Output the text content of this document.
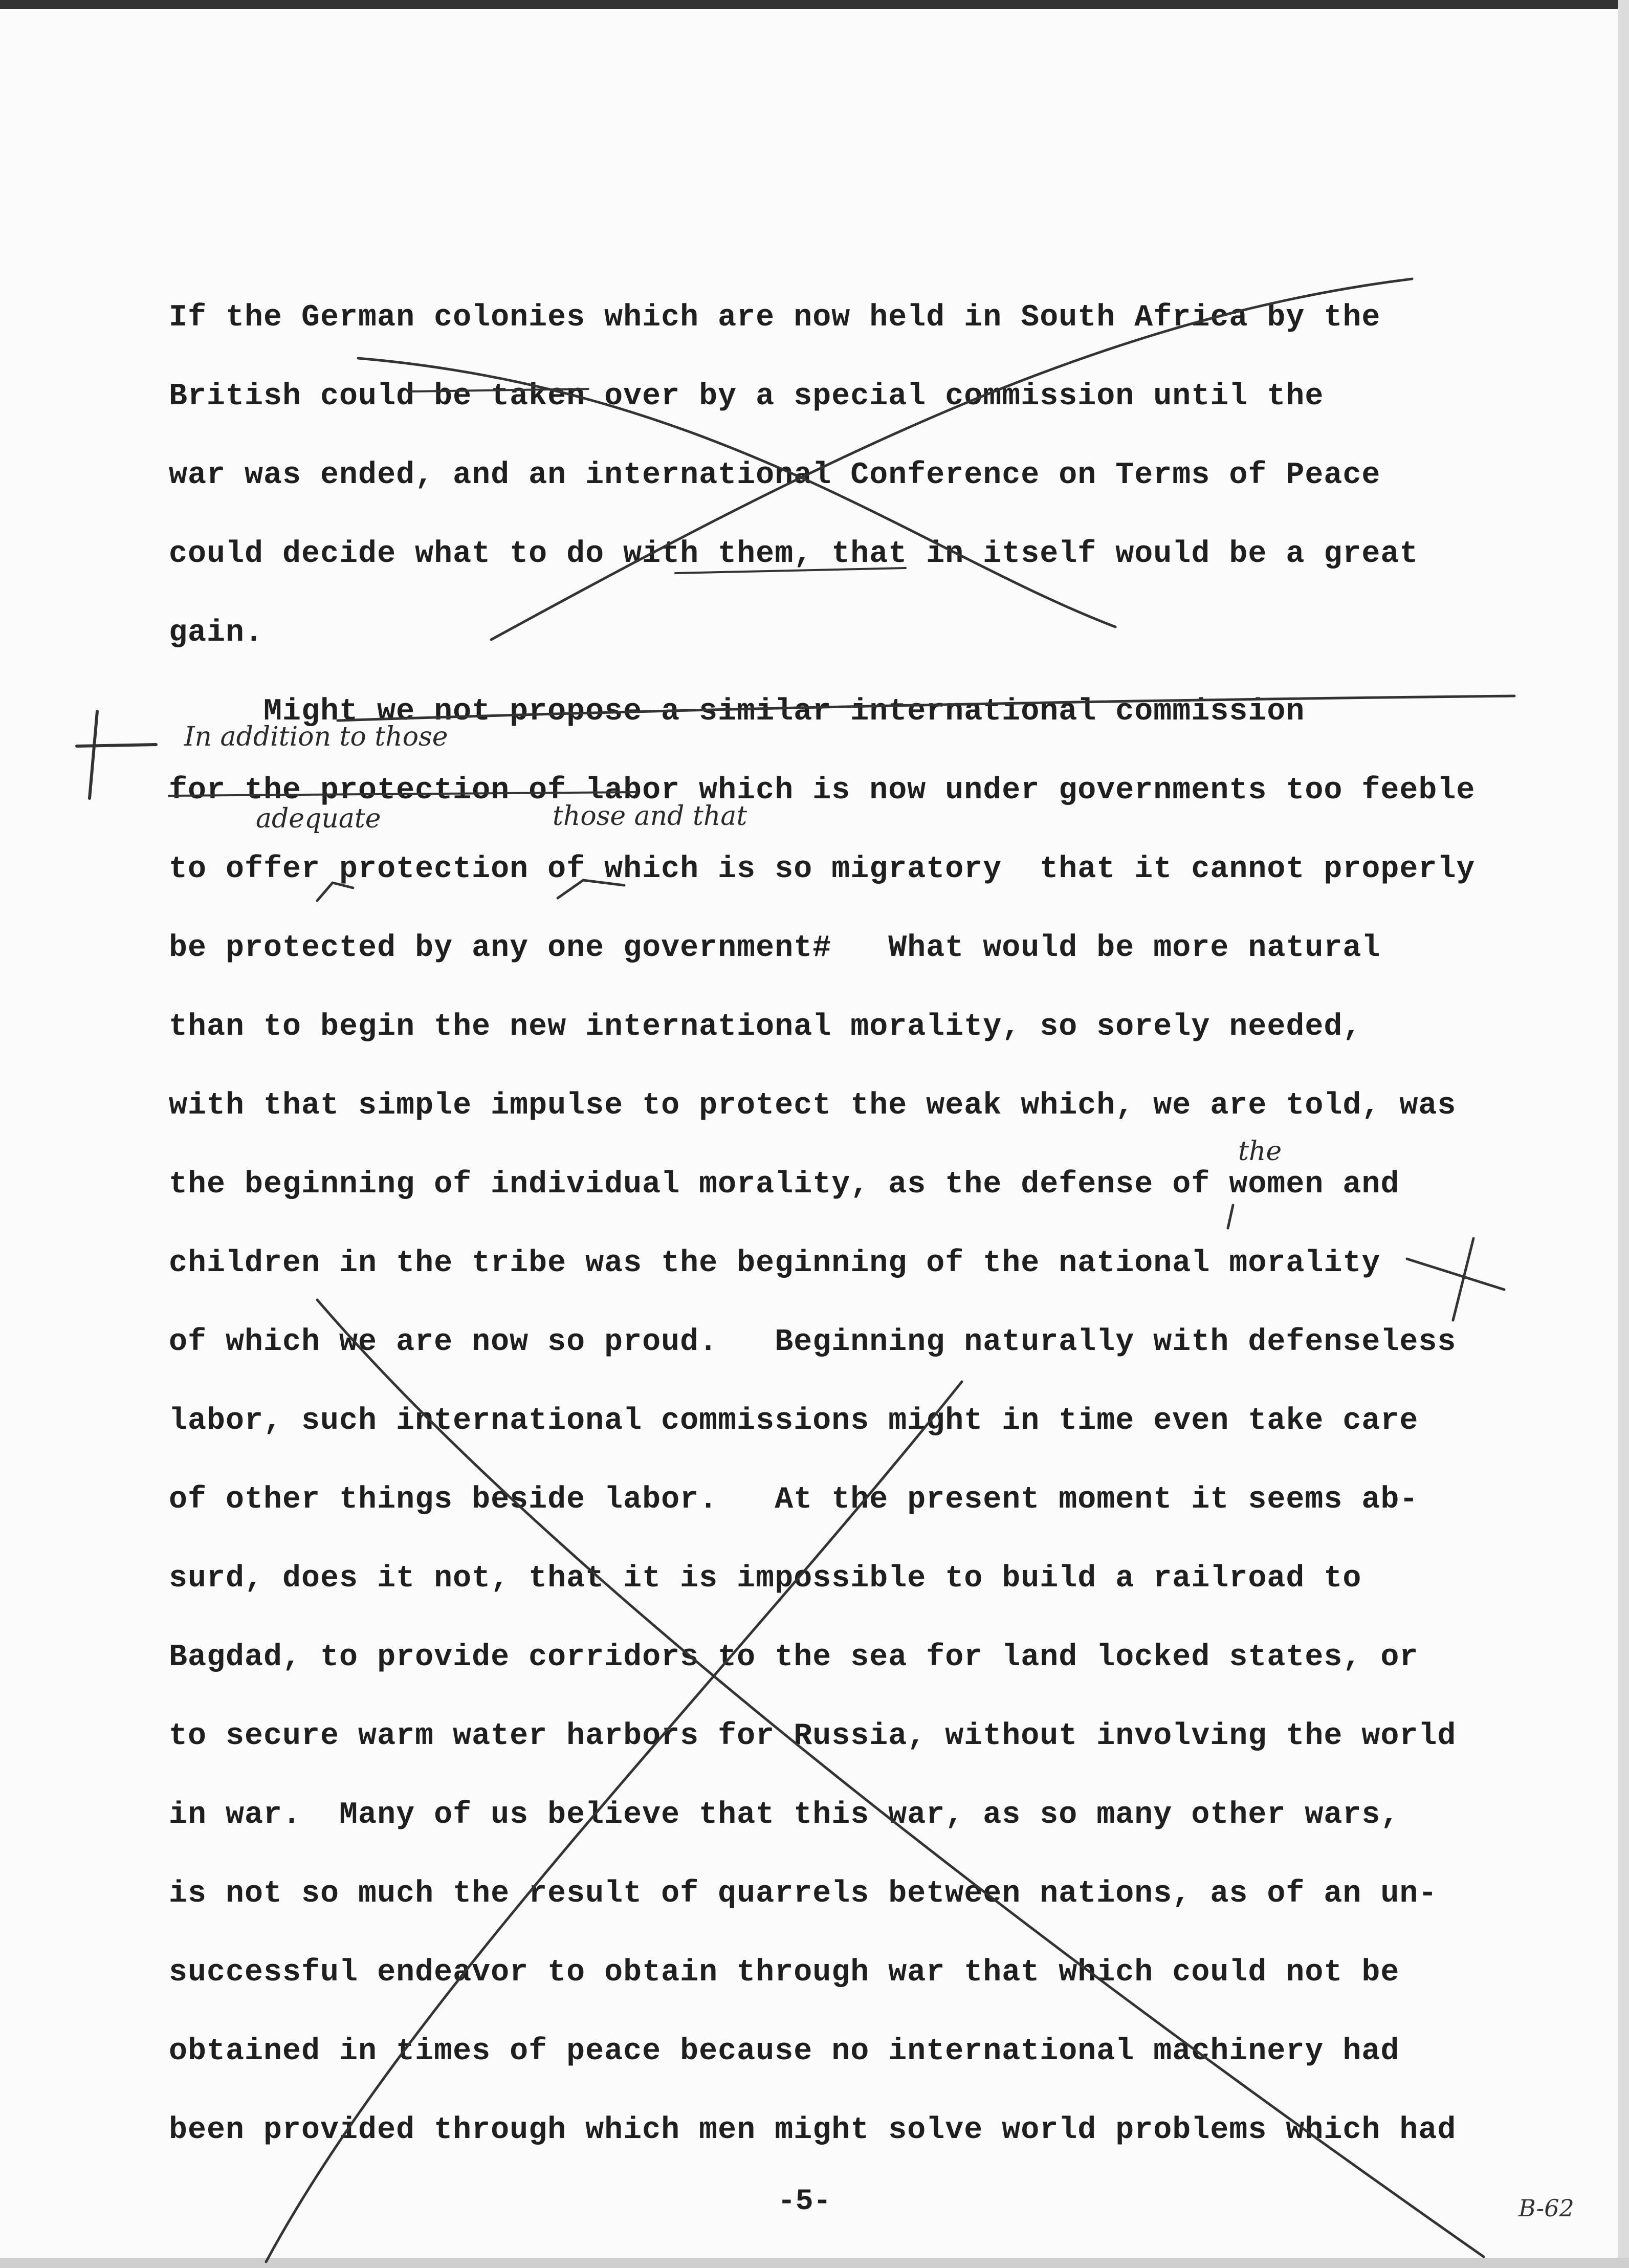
If the German colonies which are now held in South Africa by the
British could be taken over by a special commission until the
war was ended, and an international Conference on Terms of Peace
could decide what to do with them, that in itself would be a great
gain.
Might we not propose a similar international commission
for the protection of labor which is now under governments too feeble
to offer protection of which is so migratory  that it cannot properly
be protected by any one government#   What would be more natural
than to begin the new international morality, so sorely needed,
with that simple impulse to protect the weak which, we are told, was
the beginning of individual morality, as the defense of women and
children in the tribe was the beginning of the national morality
of which we are now so proud.   Beginning naturally with defenseless
labor, such international commissions might in time even take care
of other things beside labor.   At the present moment it seems ab-
surd, does it not, that it is impossible to build a railroad to
Bagdad, to provide corridors to the sea for land locked states, or
to secure warm water harbors for Russia, without involving the world
in war.  Many of us believe that this war, as so many other wars,
is not so much the result of quarrels between nations, as of an un-
successful endeavor to obtain through war that which could not be
obtained in times of peace because no international machinery had
been provided through which men might solve world problems which had
In addition to those
adequate	those and that
the
-5-	B-62
